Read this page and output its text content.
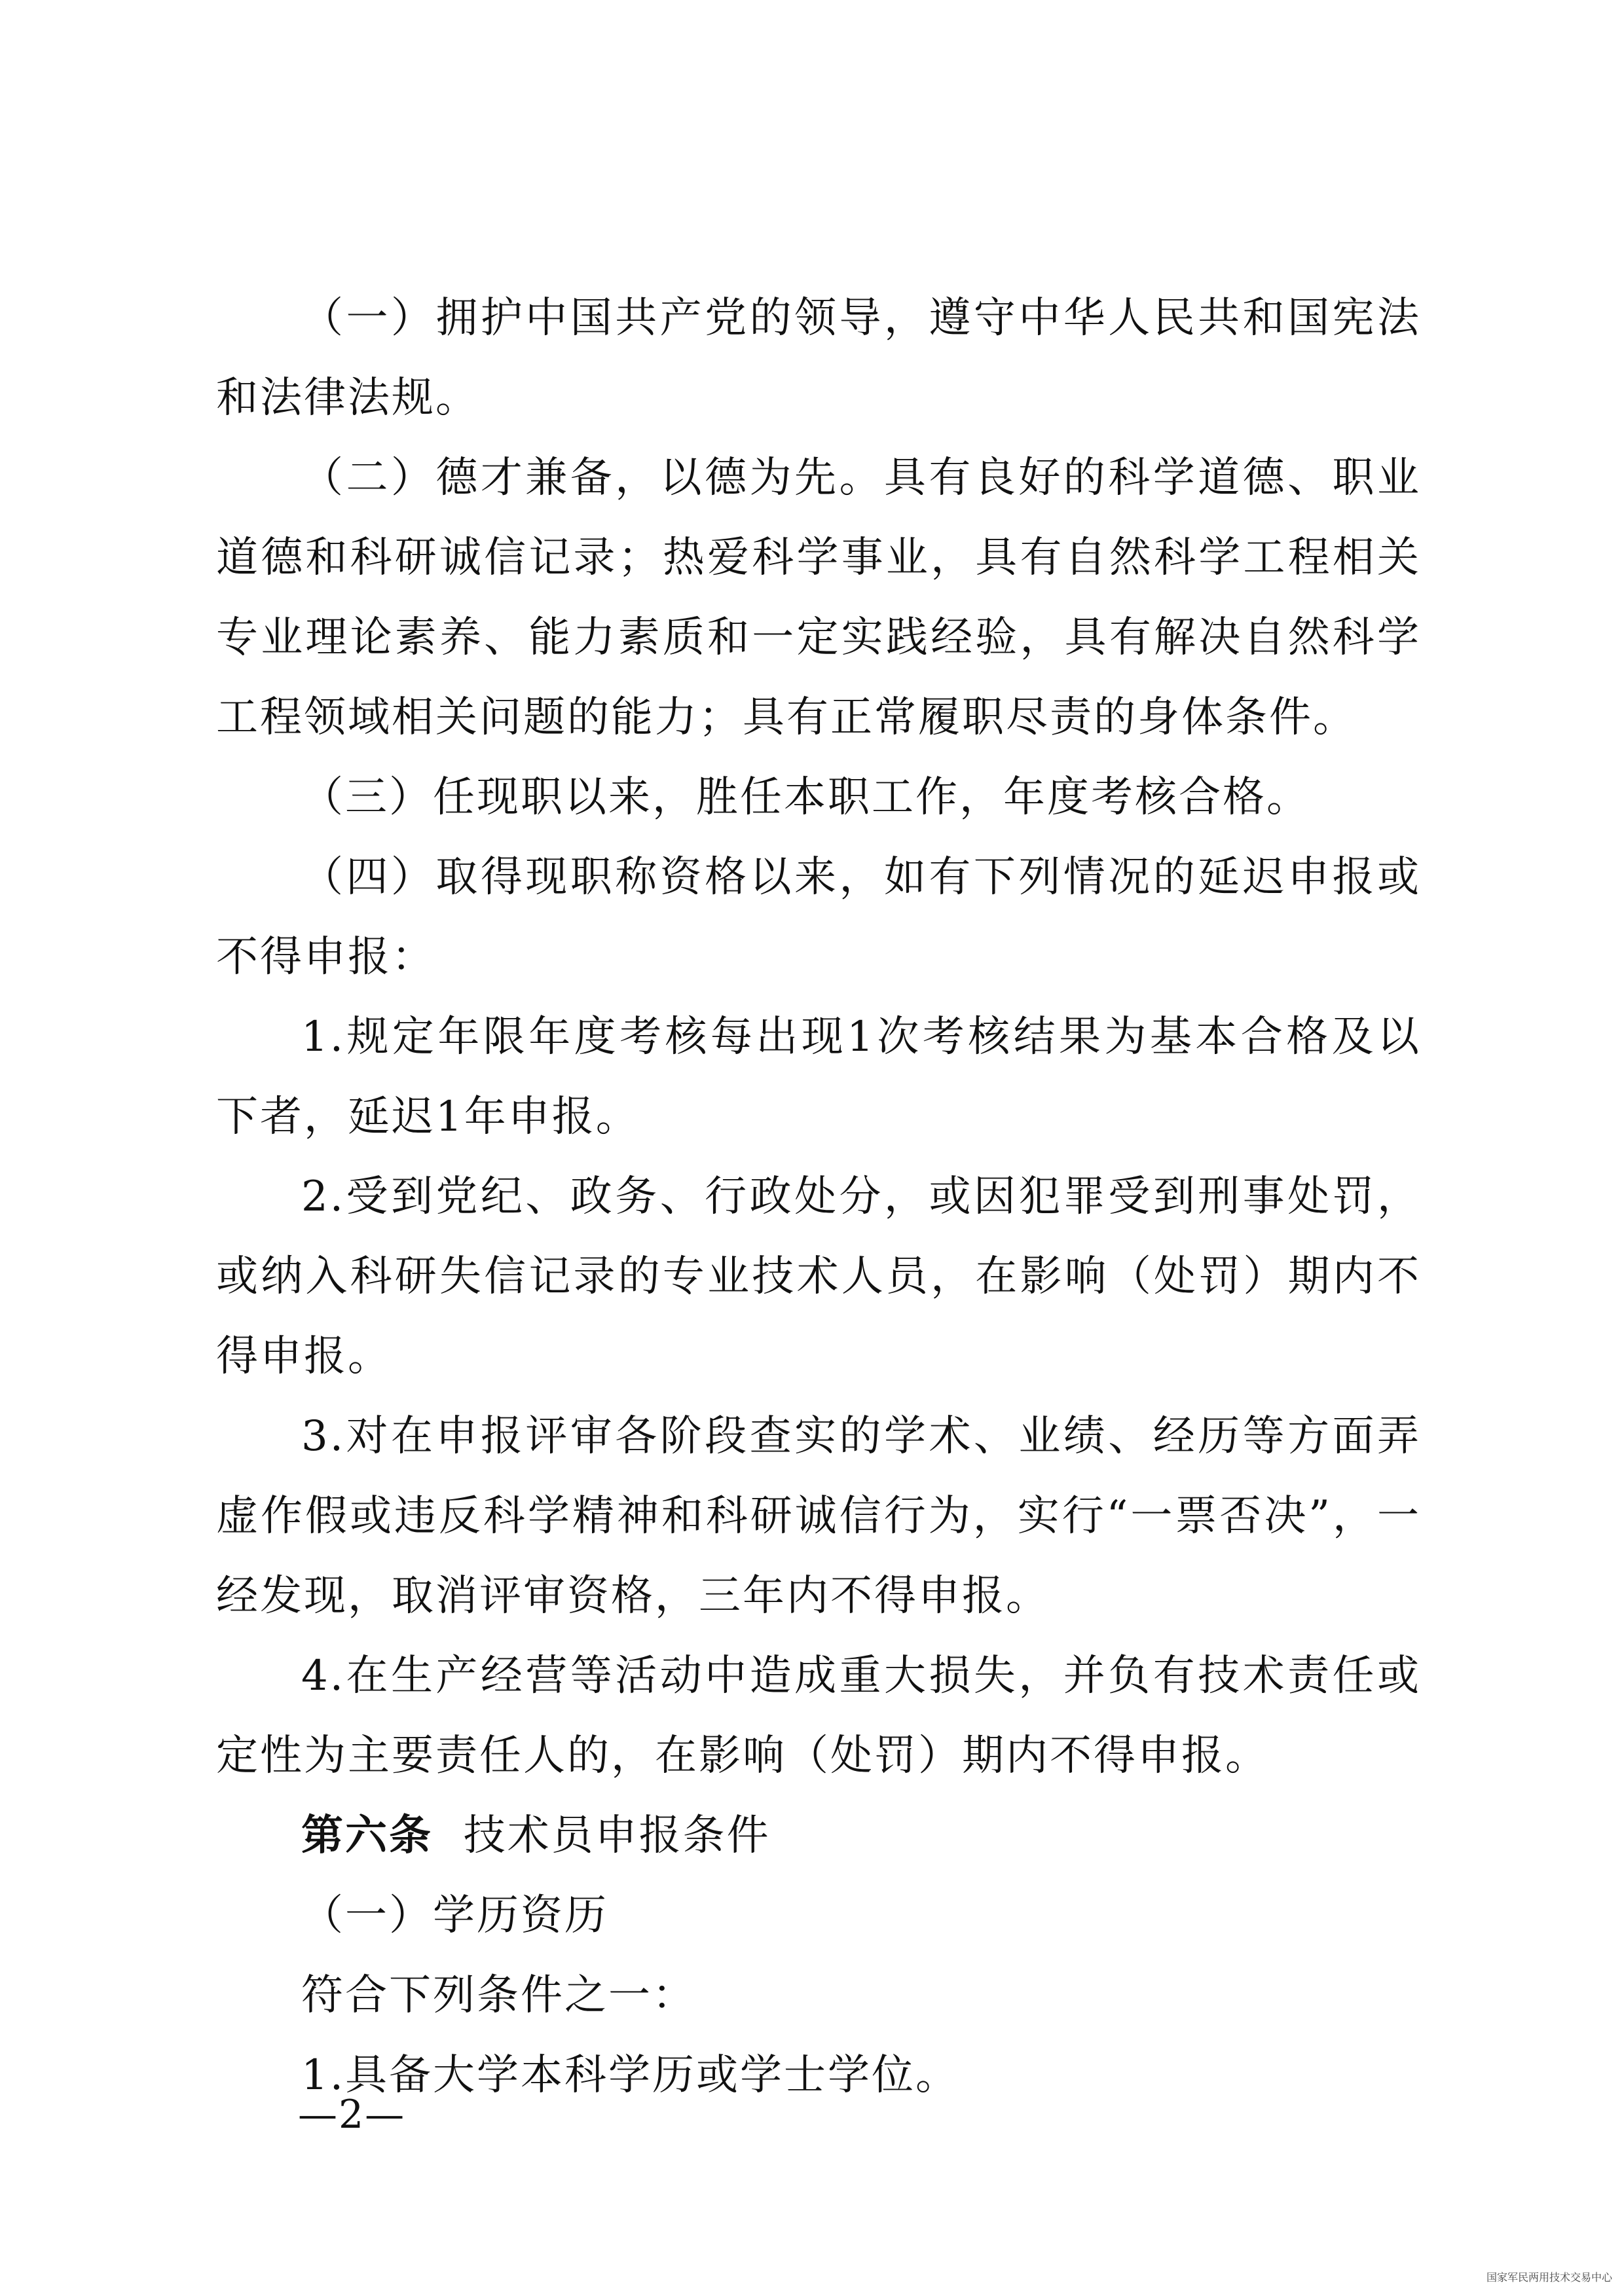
（一）拥护中国共产党的领导，遵守中华人民共和国宪法和法律法规。

（二）德才兼备，以德为先。具有良好的科学道德、职业道德和科研诚信记录；热爱科学事业，具有自然科学工程相关专业理论素养、能力素质和一定实践经验，具有解决自然科学工程领域相关问题的能力；具有正常履职尽责的身体条件。

（三）任现职以来，胜任本职工作，年度考核合格。

（四）取得现职称资格以来，如有下列情况的延迟申报或不得申报：

1.规定年限年度考核每出现1次考核结果为基本合格及以下者，延迟1年申报。

2.受到党纪、政务、行政处分，或因犯罪受到刑事处罚，或纳入科研失信记录的专业技术人员，在影响（处罚）期内不得申报。

3.对在申报评审各阶段查实的学术、业绩、经历等方面弄虚作假或违反科学精神和科研诚信行为，实行“一票否决”，一经发现，取消评审资格，三年内不得申报。

4.在生产经营等活动中造成重大损失，并负有技术责任或定性为主要责任人的，在影响（处罚）期内不得申报。

第六条 技术员申报条件

（一）学历资历

符合下列条件之一：

1.具备大学本科学历或学士学位。

—2—
国家军民两用技术交易中心
